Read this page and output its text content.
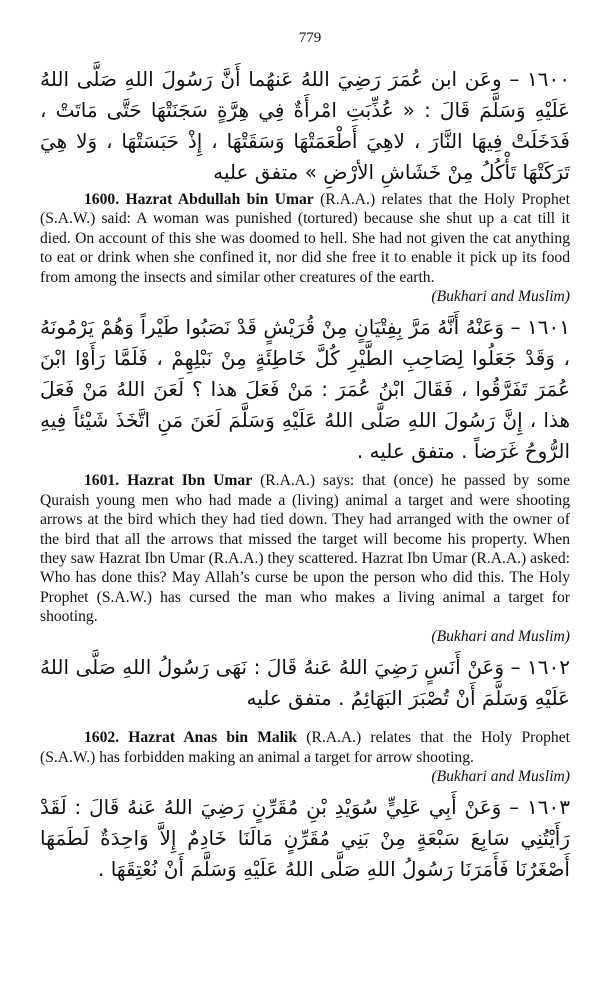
779

١٦٠٠ – وعَن ابن عُمَرَ رَضِيَ اللهُ عَنهُما أَنَّ رَسُولَ اللهِ صَلَّى اللهُ عَلَيْهِ وَسَلَّمَ قَالَ : « عُذِّبَتِ امْرأَةٌ فِي هِرَّةٍ سَجَنَتْهَا حَتَّى مَاتَتْ ، فَدَخَلَتْ فِيهَا النَّارَ ، لاهِيَ أَطْعَمَتْهَا وَسَقَتْهَا ، إِذْ حَبَسَتْهَا ، وَلا هِيَ تَرَكَتْهَا تَأْكُلُ مِنْ خَشَاشِ الأرْضِ » متفق عليه

1600. Hazrat Abdullah bin Umar (R.A.A.) relates that the Holy Prophet (S.A.W.) said: A woman was punished (tortured) because she shut up a cat till it died. On account of this she was doomed to hell. She had not given the cat anything to eat or drink when she confined it, nor did she free it to enable it pick up its food from among the insects and similar other creatures of the earth.

(Bukhari and Muslim)

١٦٠١ – وَعَنْهُ أَنَّهُ مَرَّ بِفِتْيَانٍ مِنْ قُرَيْشٍ قَدْ نَصَبُوا طَيْراً وَهُمْ يَرْمُونَهُ ، وَقَدْ جَعَلُوا لِصَاحِبِ الطَّيْرِ كُلَّ خَاطِئَةٍ مِنْ نَبْلِهِمْ ، فَلَمَّا رَأَوْا ابْنَ عُمَرَ تَفَرَّقُوا ، فَقَالَ ابْنُ عُمَرَ : مَنْ فَعَلَ هذا ؟ لَعَنَ اللهُ مَنْ فَعَلَ هذا ، إِنَّ رَسُولَ اللهِ صَلَّى اللهُ عَلَيْهِ وَسَلَّمَ لَعَنَ مَنِ اتَّخَذَ شَيْئاً فِيهِ الرُّوحُ غَرَضاً . متفق عليه .

1601. Hazrat Ibn Umar (R.A.A.) says: that (once) he passed by some Quraish young men who had made a (living) animal a target and were shooting arrows at the bird which they had tied down. They had arranged with the owner of the bird that all the arrows that missed the target will become his property. When they saw Hazrat Ibn Umar (R.A.A.) they scattered. Hazrat Ibn Umar (R.A.A.) asked: Who has done this? May Allah’s curse be upon the person who did this. The Holy Prophet (S.A.W.) has cursed the man who makes a living animal a target for shooting.

(Bukhari and Muslim)

١٦٠٢ – وَعَنْ أَنَسٍ رَضِيَ اللهُ عَنهُ قَالَ : نَهَى رَسُولُ اللهِ صَلَّى اللهُ عَلَيْهِ وَسَلَّمَ أَنْ تُصْبَرَ البَهَائِمُ . متفق عليه

1602. Hazrat Anas bin Malik (R.A.A.) relates that the Holy Prophet (S.A.W.) has forbidden making an animal a target for arrow shooting.

(Bukhari and Muslim)

١٦٠٣ – وَعَنْ أَبِي عَلِيٍّ سُوَيْدِ بْنِ مُقَرِّنٍ رَضِيَ اللهُ عَنهُ قَالَ : لَقَدْ رَأَيْتُنِي سَابِعَ سَبْعَةٍ مِنْ بَنِي مُقَرِّنٍ مَالَنَا خَادِمٌ إِلاَّ وَاحِدَةٌ لَطَمَهَا أَصْغَرُنَا فَأَمَرَنَا رَسُولُ اللهِ صَلَّى اللهُ عَلَيْهِ وَسَلَّمَ أَنْ نُعْتِقَهَا .
